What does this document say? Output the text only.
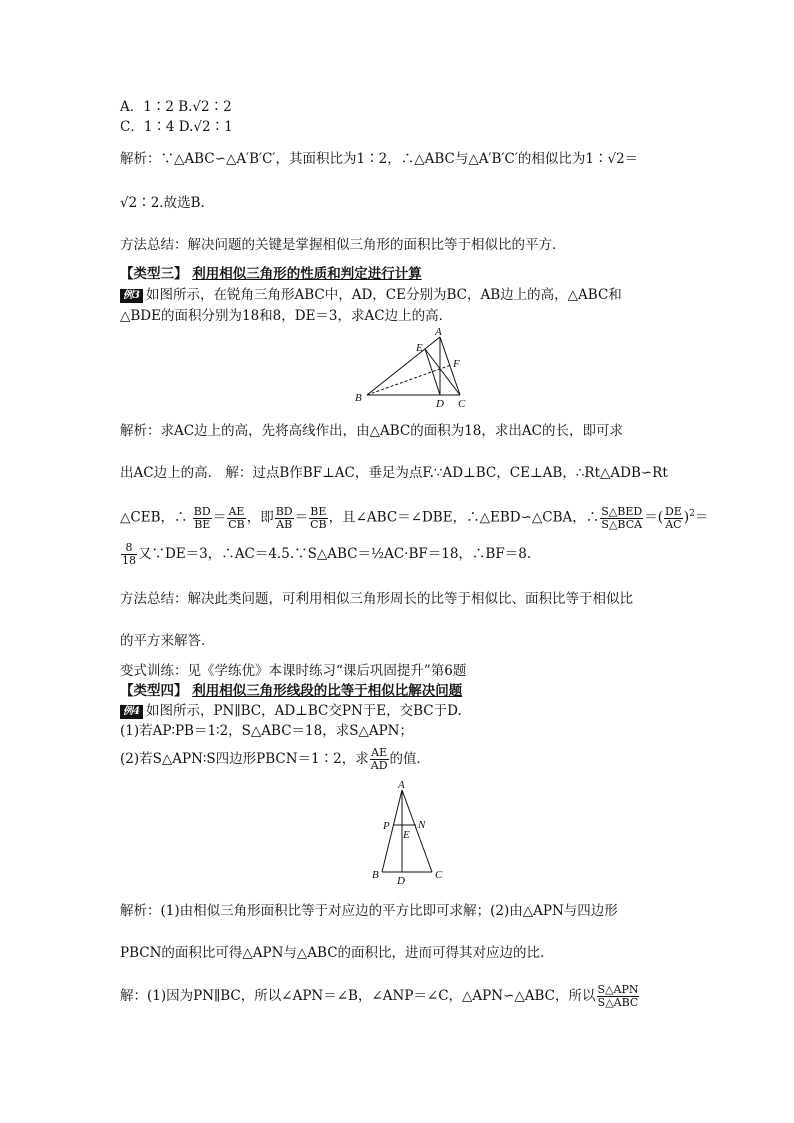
A．1∶2 B.√2∶2
C．1∶4 D.√2∶1
解析：∵△ABC∽△A′B′C′，其面积比为1∶2，∴△ABC与△A′B′C′的相似比为1∶√2＝
√2∶2.故选B.
方法总结：解决问题的关键是掌握相似三角形的面积比等于相似比的平方．
【类型三】 利用相似三角形的性质和判定进行计算
例3 如图所示，在锐角三角形ABC中，AD，CE分别为BC，AB边上的高，△ABC和
△BDE的面积分别为18和8，DE＝3，求AC边上的高．
A
E
F
B	D C
解析：求AC边上的高，先将高线作出，由△ABC的面积为18，求出AC的长，即可求
出AC边上的高． 解：过点B作BF⊥AC，垂足为点F.∵AD⊥BC，CE⊥AB，∴Rt△ADB∽Rt
△CEB，∴ $\frac{BD}{BE} = \frac{AE}{CB}$ ，即 $\frac{BD}{AB} = \frac{BE}{CB}$ ，且∠ABC＝∠DBE，∴△EBD∽△CBA，∴ $\frac{\text{S△BED}}{\text{S△BCA}}$ ＝( $\frac{DE}{AC} )^2=$
$\frac{8}{18}$ 又∵DE＝3，∴AC＝4.5.∵S△ABC＝½AC·BF＝18，∴BF＝8.
方法总结：解决此类问题，可利用相似三角形周长的比等于相似比、面积比等于相似比
的平方来解答．
变式训练：见《学练优》本课时练习“课后巩固提升”第6题
【类型四】 利用相似三角形线段的比等于相似比解决问题
例4 如图所示，PN∥BC，AD⊥BC交PN于E，交BC于D.
(1)若AP∶PB＝1∶2，S△ABC＝18，求S△APN；
(2)若S△APN∶S四边形PBCN＝1∶2，求 $\frac{AE}{AD}$ 的值．
A
P	N
E
B D	C
解析：(1)由相似三角形面积比等于对应边的平方比即可求解；(2)由△APN与四边形
PBCN的面积比可得△APN与△ABC的面积比，进而可得其对应边的比．
解：(1)因为PN∥BC，所以∠APN＝∠B，∠ANP＝∠C，△APN∽△ABC，所以 $\frac{\text{S△APN}}{\text{S△ABC}}$
